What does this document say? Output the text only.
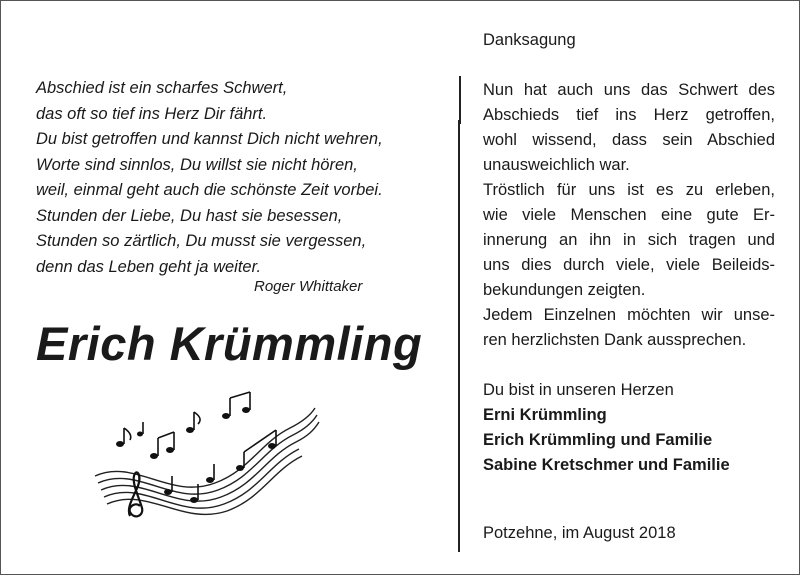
Abschied ist ein scharfes Schwert,
das oft so tief ins Herz Dir fährt.
Du bist getroffen und kannst Dich nicht wehren,
Worte sind sinnlos, Du willst sie nicht hören,
weil, einmal geht auch die schönste Zeit vorbei.
Stunden der Liebe, Du hast sie besessen,
Stunden so zärtlich, Du musst sie vergessen,
denn das Leben geht ja weiter.
Roger Whittaker
Erich Krümmling
Danksagung
Nun hat auch uns das Schwert des
Abschieds tief ins Herz getroffen,
wohl wissend, dass sein Abschied
unausweichlich war.
Tröstlich für uns ist es zu erleben,
wie viele Menschen eine gute Er-
innerung an ihn in sich tragen und
uns dies durch viele, viele Beileids-
bekundungen zeigten.
Jedem Einzelnen möchten wir unse-
ren herzlichsten Dank aussprechen.
Du bist in unseren Herzen
Erni Krümmling
Erich Krümmling und Familie
Sabine Kretschmer und Familie
Potzehne, im August 2018
